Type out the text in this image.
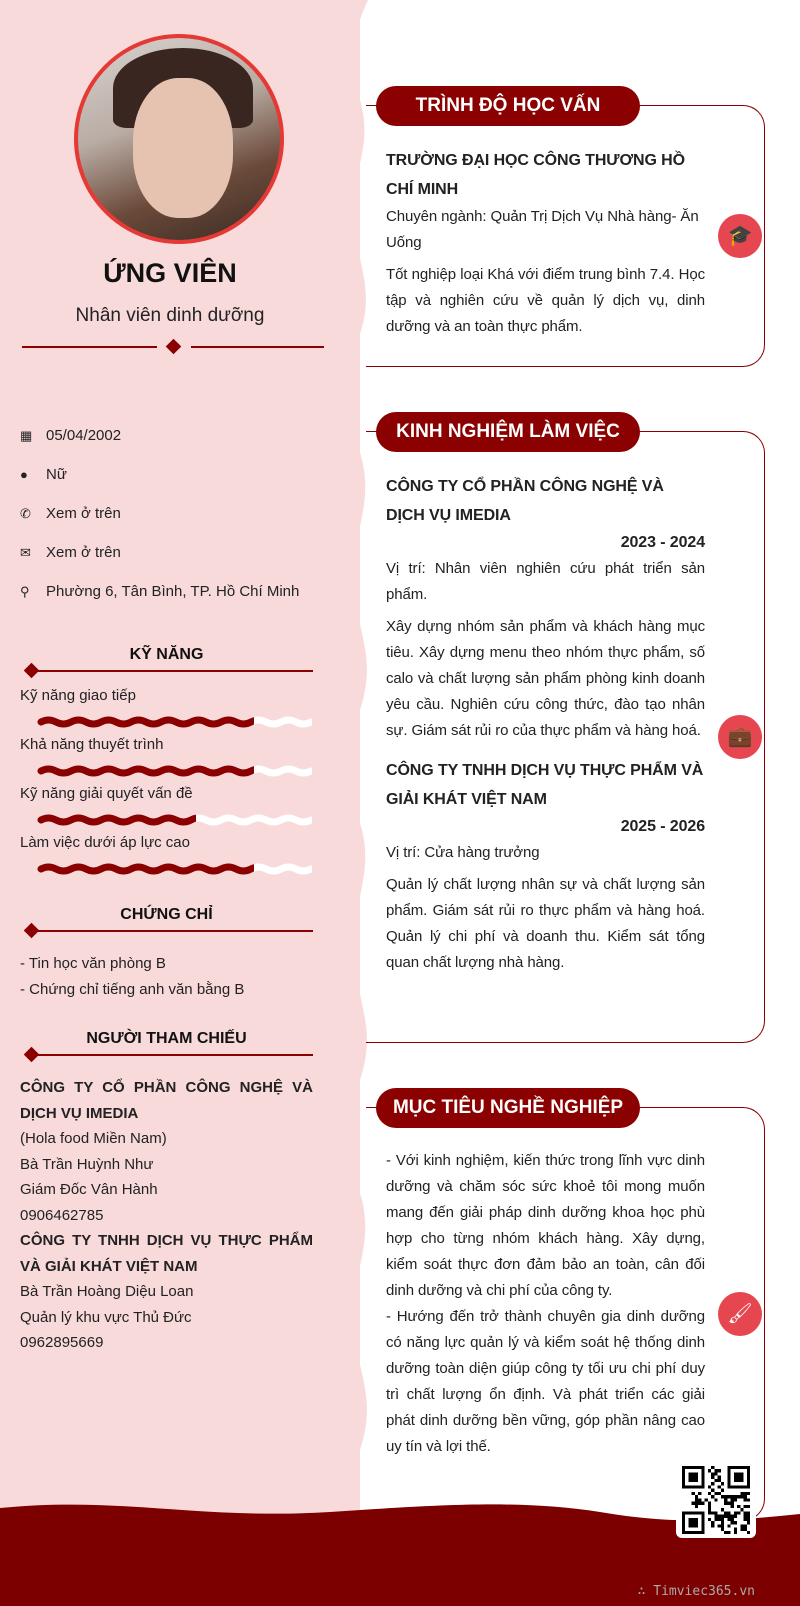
ỨNG VIÊN
Nhân viên dinh dưỡng
▦ 05/04/2002
●	Nữ
✆	Xem ở trên
✉	Xem ở trên
⚲	Phường 6, Tân Bình, TP. Hồ Chí Minh
KỸ NĂNG
Kỹ năng giao tiếp
Khả năng thuyết trình
Kỹ năng giải quyết vấn đề
Làm việc dưới áp lực cao
CHỨNG CHỈ
- Tin học văn phòng B
- Chứng chỉ tiếng anh văn bằng B
NGƯỜI THAM CHIẾU
CÔNG TY CỔ PHẦN CÔNG NGHỆ VÀ DỊCH VỤ IMEDIA
(Hola food Miền Nam)
Bà Trần Huỳnh Như
Giám Đốc Vân Hành
0906462785
CÔNG TY TNHH DỊCH VỤ THỰC PHẨM VÀ GIẢI KHÁT VIỆT NAM
Bà Trần Hoàng Diệu Loan
Quản lý khu vực Thủ Đức
0962895669
TRÌNH ĐỘ HỌC VẤN
TRƯỜNG ĐẠI HỌC CÔNG THƯƠNG HỒ CHÍ MINH

Chuyên ngành: Quản Trị Dịch Vụ Nhà hàng- Ăn Uống

Tốt nghiệp loại Khá với điểm trung bình 7.4. Học tập và nghiên cứu về quản lý dịch vụ, dinh dưỡng và an toàn thực phẩm.

🎓
KINH NGHIỆM LÀM VIỆC
CÔNG TY CỔ PHẦN CÔNG NGHỆ VÀ DỊCH VỤ IMEDIA
2023 - 2024

Vị trí: Nhân viên nghiên cứu phát triển sản phẩm.

Xây dựng nhóm sản phẩm và khách hàng mục tiêu. Xây dựng menu theo nhóm thực phẩm, số calo và chất lượng sản phẩm phòng kinh doanh yêu cầu. Nghiên cứu công thức, đào tạo nhân sự. Giám sát rủi ro của thực phẩm và hàng hoá.

CÔNG TY TNHH DỊCH VỤ THỰC PHẨM VÀ GIẢI KHÁT VIỆT NAM
2025 - 2026

Vị trí: Cửa hàng trưởng

Quản lý chất lượng nhân sự và chất lượng sản phẩm. Giám sát rủi ro thực phẩm và hàng hoá. Quản lý chi phí và doanh thu. Kiểm sát tổng quan chất lượng nhà hàng.

💼
MỤC TIÊU NGHỀ NGHIỆP
- Với kinh nghiệm, kiến thức trong lĩnh vực dinh dưỡng và chăm sóc sức khoẻ tôi mong muốn mang đến giải pháp dinh dưỡng khoa học phù hợp cho từng nhóm khách hàng. Xây dựng, kiểm soát thực đơn đảm bảo an toàn, cân đối dinh dưỡng và chi phí của công ty.
- Hướng đến trở thành chuyên gia dinh dưỡng có năng lực quản lý và kiểm soát hệ thống dinh dưỡng toàn diện giúp công ty tối ưu chi phí duy trì chất lượng ổn định. Và phát triển các giải phát dinh dưỡng bền vững, góp phần nâng cao uy tín và lợi thế.
🖌
∴ Timviec365.vn
